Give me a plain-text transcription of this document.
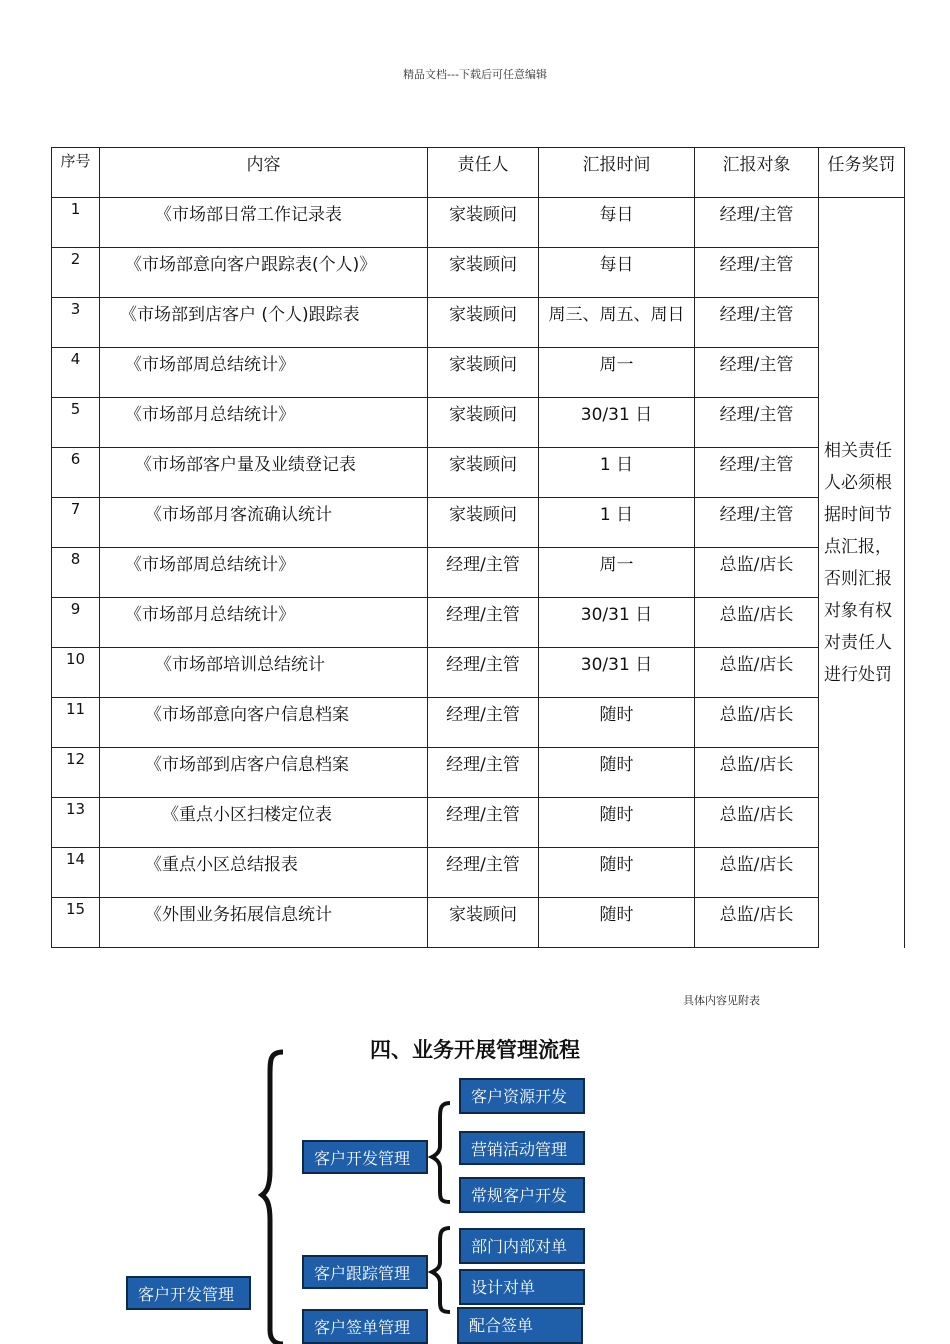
精品文档---下载后可任意编辑
序号	内容	责任人	汇报时间	汇报对象	任务奖罚
1	《市场部日常工作记录表	家装顾问	每日	经理/主管	相关责任人必须根据时间节点汇报，否则汇报对象有权对责任人进行处罚

2	《市场部意向客户跟踪表(个人)》	家装顾问	每日	经理/主管	
3	《市场部到店客户 (个人)跟踪表	家装顾问	周三、周五、周日	经理/主管	
4	《市场部周总结统计》	家装顾问	周一	经理/主管	
5	《市场部月总结统计》	家装顾问	30/31 日	经理/主管	
6	《市场部客户量及业绩登记表	家装顾问	1 日	经理/主管	
7	《市场部月客流确认统计	家装顾问	1 日	经理/主管	
8	《市场部周总结统计》	经理/主管	周一	总监/店长	
9	《市场部月总结统计》	经理/主管	30/31 日	总监/店长	
10	《市场部培训总结统计	经理/主管	30/31 日	总监/店长	
11	《市场部意向客户信息档案	经理/主管	随时	总监/店长	
12	《市场部到店客户信息档案	经理/主管	随时	总监/店长	
13	《重点小区扫楼定位表	经理/主管	随时	总监/店长	
14	《重点小区总结报表	经理/主管	随时	总监/店长	
15	《外围业务拓展信息统计	家装顾问	随时	总监/店长	
具体内容见附表
四、业务开展管理流程
客户开发管理
客户开发管理
客户跟踪管理
客户签单管理
客户资源开发
营销活动管理
常规客户开发
部门内部对单
设计对单
配合签单
